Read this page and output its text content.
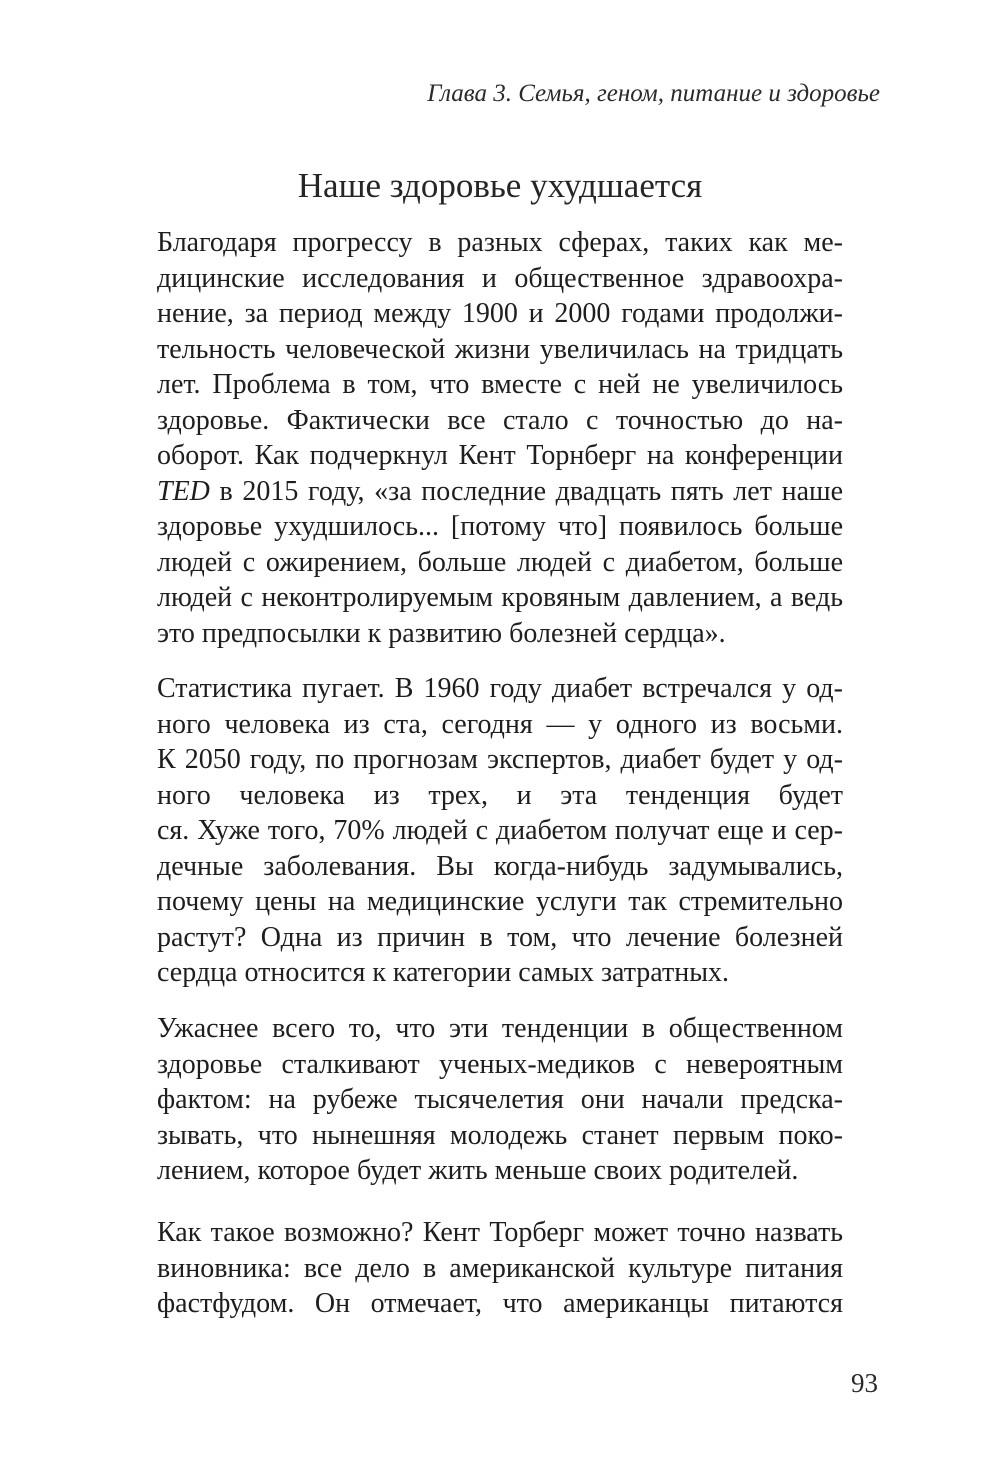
Глава 3. Семья, геном, питание и здоровье
Наше здоровье ухудшается
Благодаря прогрессу в разных сферах, таких как ме-
дицинские исследования и общественное здравоохра-
нение, за период между 1900 и 2000 годами продолжи-
тельность человеческой жизни увеличилась на тридцать
лет. Проблема в том, что вместе с ней не увеличилось
здоровье. Фактически все стало с точностью до на-
оборот. Как подчеркнул Кент Торнберг на конференции
TED в 2015 году, «за последние двадцать пять лет наше
здоровье ухудшилось... [потому что] появилось больше
людей с ожирением, больше людей с диабетом, больше
людей с неконтролируемым кровяным давлением, а ведь
это предпосылки к развитию болезней сердца».
Статистика пугает. В 1960 году диабет встречался у од-
ного человека из ста, сегодня — у одного из восьми.
К 2050 году, по прогнозам экспертов, диабет будет у од-
ного человека из трех, и эта тенденция будет
ся. Хуже того, 70% людей с диабетом получат еще и сер-
дечные заболевания. Вы когда-нибудь задумывались,
почему цены на медицинские услуги так стремительно
растут? Одна из причин в том, что лечение болезней
сердца относится к категории самых затратных.
Ужаснее всего то, что эти тенденции в общественном
здоровье сталкивают ученых-медиков с невероятным
фактом: на рубеже тысячелетия они начали предска-
зывать, что нынешняя молодежь станет первым поко-
лением, которое будет жить меньше своих родителей.
Как такое возможно? Кент Торберг может точно назвать
виновника: все дело в американской культуре питания
фастфудом. Он отмечает, что американцы питаются
93
